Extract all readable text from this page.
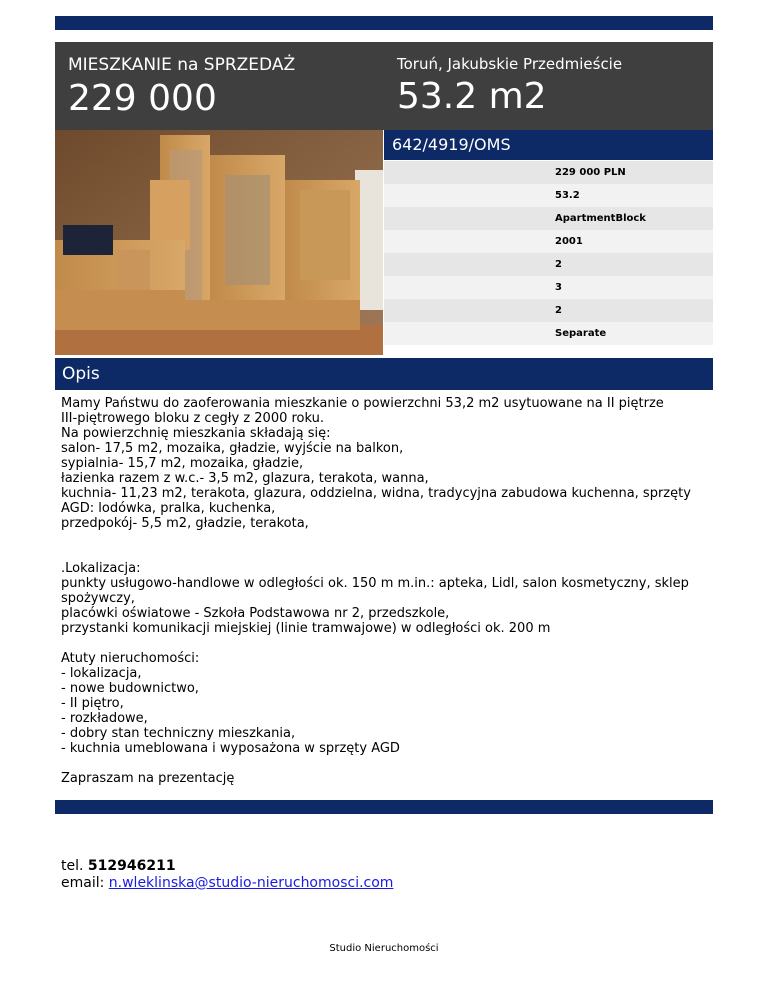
MIESZKANIE na SPRZEDAŻ
229 000
Toruń, Jakubskie Przedmieście
53.2 m2
642/4919/OMS
229 000 PLN
53.2
ApartmentBlock
2001
2
3
2
Separate
Opis

Mamy Państwu do zaoferowania mieszkanie o powierzchni 53,2 m2 usytuowane na II piętrze
III-piętrowego bloku z cegły z 2000 roku.
Na powierzchnię mieszkania składają się:
salon- 17,5 m2, mozaika, gładzie, wyjście na balkon,
sypialnia- 15,7 m2, mozaika, gładzie,
łazienka razem z w.c.- 3,5 m2, glazura, terakota, wanna,
kuchnia- 11,23 m2, terakota, glazura, oddzielna, widna, tradycyjna zabudowa kuchenna, sprzęty
AGD: lodówka, pralka, kuchenka,
przedpokój- 5,5 m2, gładzie, terakota,

.Lokalizacja:
punkty usługowo-handlowe w odległości ok. 150 m m.in.: apteka, Lidl, salon kosmetyczny, sklep
spożywczy,
placówki oświatowe - Szkoła Podstawowa nr 2, przedszkole,
przystanki komunikacji miejskiej (linie tramwajowe) w odległości ok. 200 m

Atuty nieruchomości:
- lokalizacja,
- nowe budownictwo,
- II piętro,
- rozkładowe,
- dobry stan techniczny mieszkania,
- kuchnia umeblowana i wyposażona w sprzęty AGD

Zapraszam na prezentację

tel. 512946211
email: n.wleklinska@studio-nieruchomosci.com
Studio Nieruchomości
